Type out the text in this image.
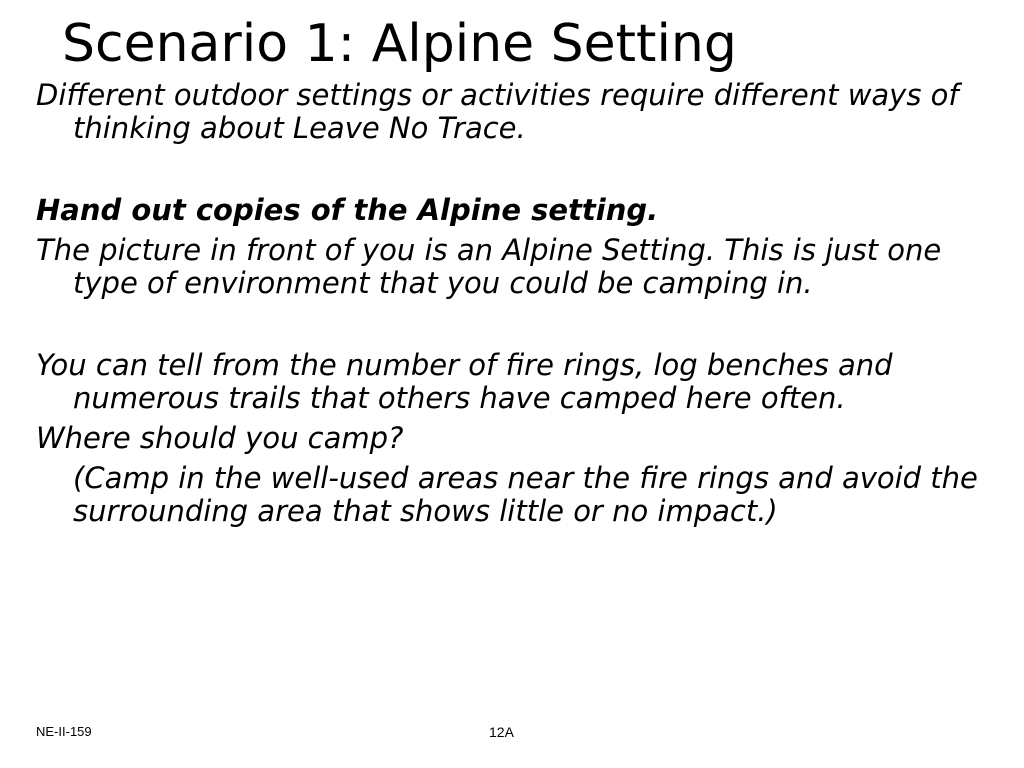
Scenario 1: Alpine Setting

Different outdoor settings or activities require different ways of thinking about Leave No Trace.

Hand out copies of the Alpine setting.

The picture in front of you is an Alpine Setting. This is just one type of environment that you could be camping in.

You can tell from the number of fire rings, log benches and numerous trails that others have camped here often.

Where should you camp?

(Camp in the well-used areas near the fire rings and avoid the surrounding area that shows little or no impact.)

NE-II-159	12A
